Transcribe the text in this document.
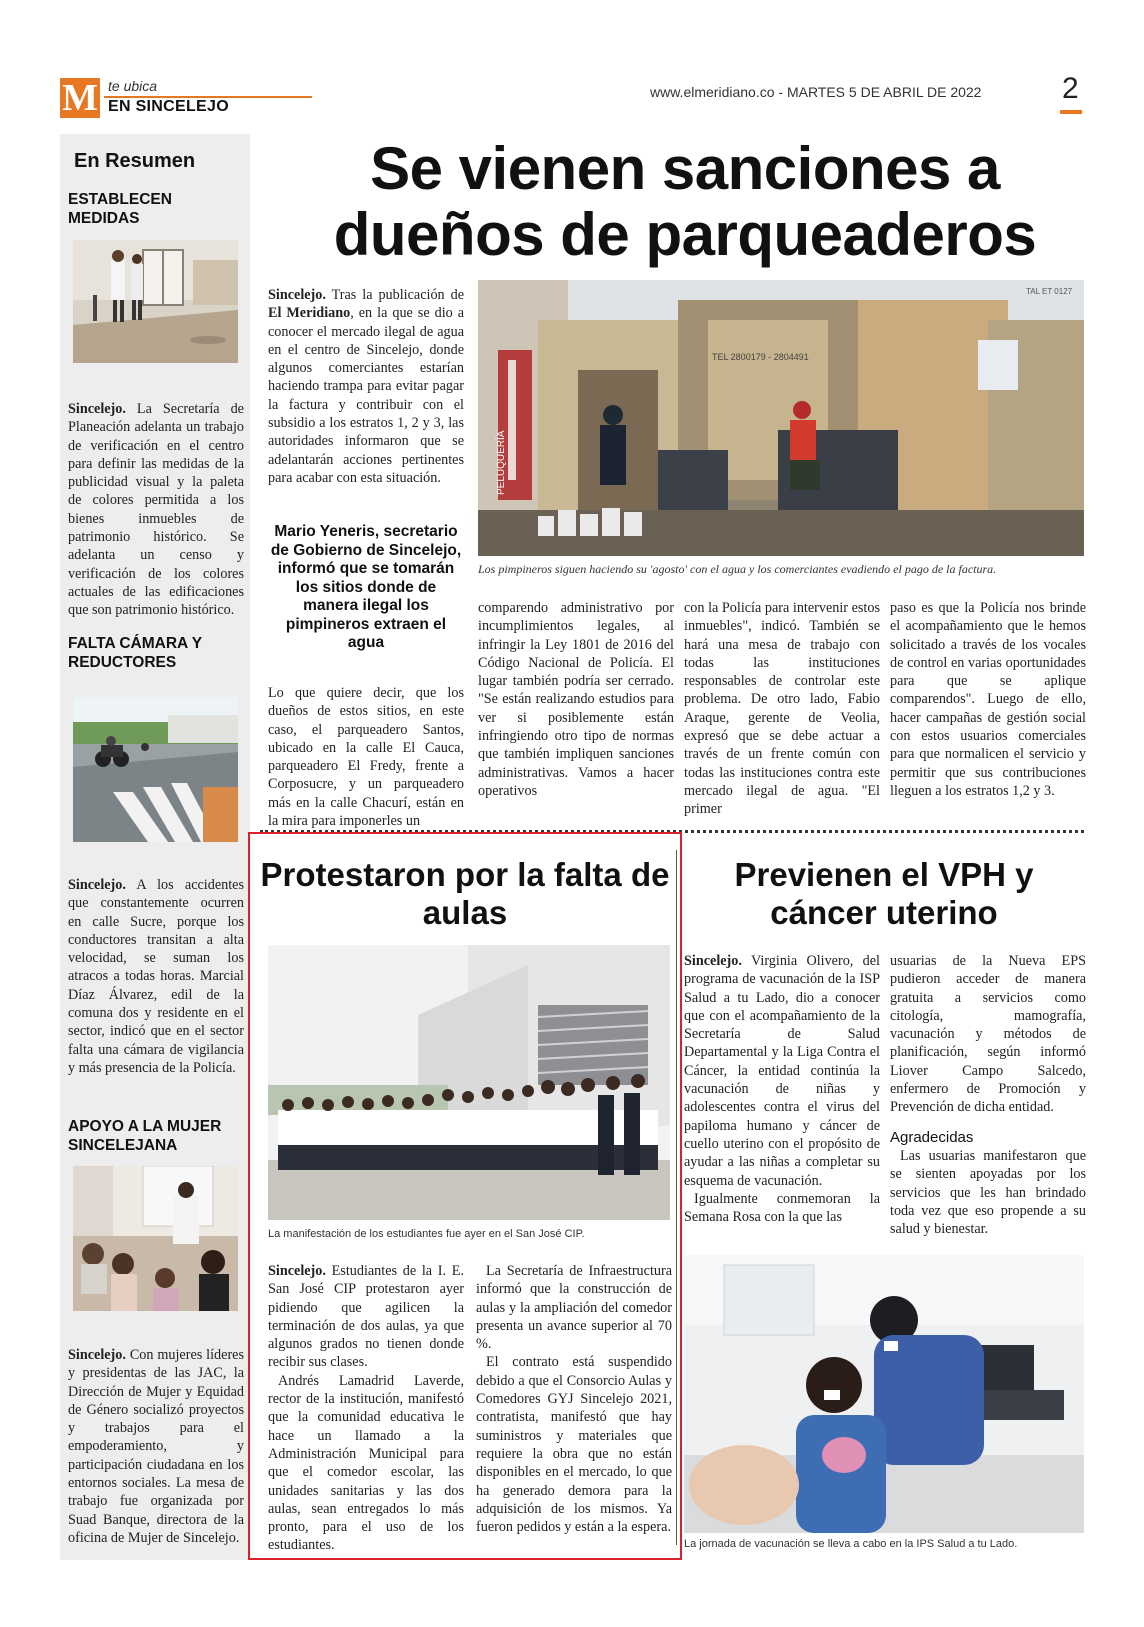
M te ubica
EN SINCELEJO
www.elmeridiano.co - MARTES 5 DE ABRIL DE 2022	2
En Resumen
ESTABLECEN MEDIDAS

Sincelejo. La Secretaría de Planeación adelanta un trabajo de verificación en el centro para definir las medidas de la publicidad visual y la paleta de colores permitida a los bienes inmuebles de patrimonio histórico. Se adelanta un censo y verificación de los colores actuales de las edificaciones que son patrimonio histórico.

FALTA CÁMARA Y REDUCTORES

Sincelejo. A los accidentes que constantemente ocurren en calle Sucre, porque los conductores transitan a alta velocidad, se suman los atracos a todas horas. Marcial Díaz Álvarez, edil de la comuna dos y residente en el sector, indicó que en el sector falta una cámara de vigilancia y más presencia de la Policía.

APOYO A LA MUJER SINCELEJANA

Sincelejo. Con mujeres líderes y presidentas de las JAC, la Dirección de Mujer y Equidad de Género socializó proyectos y trabajos para el empoderamiento, y participación ciudadana en los entornos sociales. La mesa de trabajo fue organizada por Suad Banque, directora de la oficina de Mujer de Sincelejo.

Se vienen sanciones a dueños de parqueaderos

Sincelejo. Tras la publicación de El Meridiano, en la que se dio a conocer el mercado ilegal de agua en el centro de Sincelejo, donde algunos comerciantes estarían haciendo trampa para evitar pagar la factura y contribuir con el subsidio a los estratos 1, 2 y 3, las autoridades informaron que se adelantarán acciones pertinentes para acabar con esta situación.	PELUQUERÍA
TEL 2800179 - 2804491
TAL ET 0127
Los pimpineros siguen haciendo su 'agosto' con el agua y los comerciantes evadiendo el pago de la factura.
Mario Yeneris, secretario de Gobierno de Sincelejo, informó que se tomarán los sitios donde de manera ilegal los pimpineros extraen el agua

Lo que quiere decir, que los dueños de estos sitios, en este caso, el parqueadero Santos, ubicado en la calle El Cauca, parqueadero El Fredy, frente a Corposucre, y un parqueadero más en la calle Chacurí, están en la mira para imponerles un

comparendo administrativo por incumplimientos legales, al infringir la Ley 1801 de 2016 del Código Nacional de Policía. El lugar también podría ser cerrado. "Se están realizando estudios para ver si posiblemente están infringiendo otro tipo de normas que también impliquen sanciones administrativas. Vamos a hacer operativos

con la Policía para intervenir estos inmuebles", indicó. También se hará una mesa de trabajo con todas las instituciones responsables de controlar este problema. De otro lado, Fabio Araque, gerente de Veolia, expresó que se debe actuar a través de un frente común con todas las instituciones contra este mercado ilegal de agua. "El primer

paso es que la Policía nos brinde el acompañamiento que le hemos solicitado a través de los vocales de control en varias oportunidades para que se aplique comparendos". Luego de ello, hacer campañas de gestión social con estos usuarios comerciales para que normalicen el servicio y permitir que sus contribuciones lleguen a los estratos 1,2 y 3.

Protestaron por la falta de aulas
La manifestación de los estudiantes fue ayer en el San José CIP.

Sincelejo. Estudiantes de la I. E. San José CIP protestaron ayer pidiendo que agilicen la terminación de dos aulas, ya que algunos grados no tienen donde recibir sus clases.

Andrés Lamadrid Laverde, rector de la institución, manifestó que la comunidad educativa le hace un llamado a la Administración Municipal para que el comedor escolar, las unidades sanitarias y las dos aulas, sean entregados lo más pronto, para el uso de los estudiantes.

La Secretaría de Infraestructura informó que la construcción de aulas y la ampliación del comedor presenta un avance superior al 70 %.

El contrato está suspendido debido a que el Consorcio Aulas y Comedores GYJ Sincelejo 2021, contratista, manifestó que hay suministros y materiales que requiere la obra que no están disponibles en el mercado, lo que ha generado demora para la adquisición de los mismos. Ya fueron pedidos y están a la espera.

Previenen el VPH y cáncer uterino

Sincelejo. Virginia Olivero, del programa de vacunación de la ISP Salud a tu Lado, dio a conocer que con el acompañamiento de la Secretaría de Salud Departamental y la Liga Contra el Cáncer, la entidad continúa la vacunación de niñas y adolescentes contra el virus del papiloma humano y cáncer de cuello uterino con el propósito de ayudar a las niñas a completar su esquema de vacunación.

Igualmente conmemoran la Semana Rosa con la que las

usuarias de la Nueva EPS pudieron acceder de manera gratuita a servicios como citología, mamografía, vacunación y métodos de planificación, según informó Liover Campo Salcedo, enfermero de Promoción y Prevención de dicha entidad.

Agradecidas

Las usuarias manifestaron que se sienten apoyadas por los servicios que les han brindado toda vez que eso propende a su salud y bienestar.

La jornada de vacunación se lleva a cabo en la IPS Salud a tu Lado.
